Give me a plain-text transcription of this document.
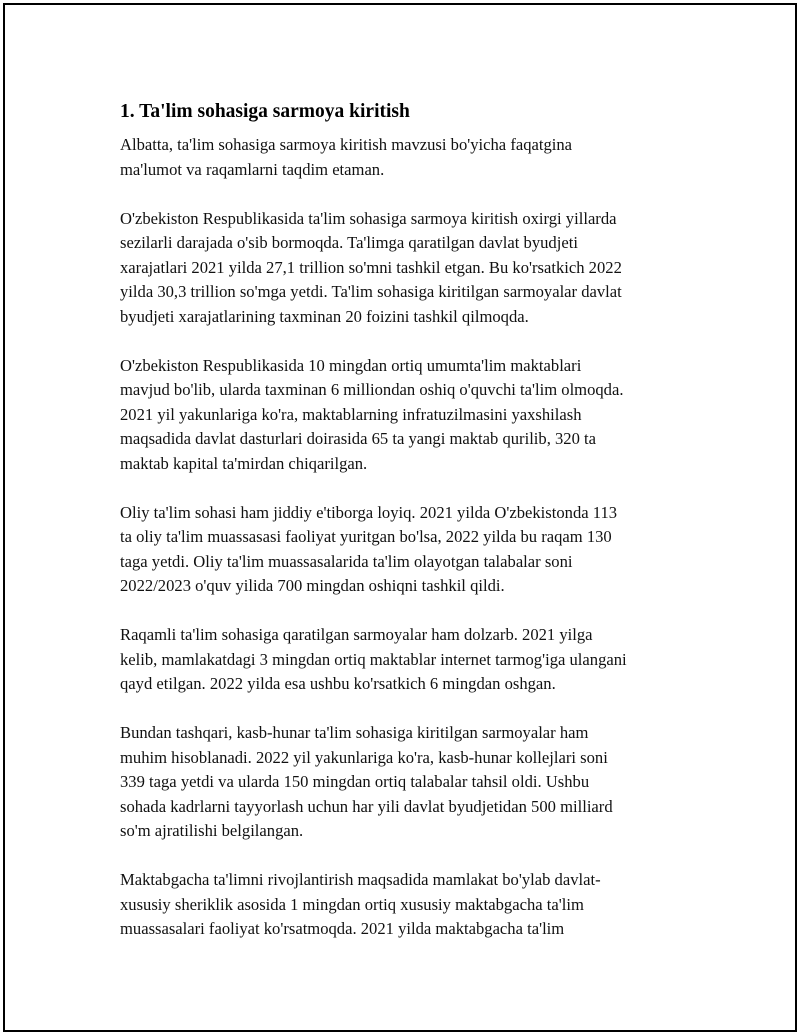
1. Ta'lim sohasiga sarmoya kiritish
Albatta, ta'lim sohasiga sarmoya kiritish mavzusi bo'yicha faqatgina
ma'lumot va raqamlarni taqdim etaman.
O'zbekiston Respublikasida ta'lim sohasiga sarmoya kiritish oxirgi yillarda
sezilarli darajada o'sib bormoqda. Ta'limga qaratilgan davlat byudjeti
xarajatlari 2021 yilda 27,1 trillion so'mni tashkil etgan. Bu ko'rsatkich 2022
yilda 30,3 trillion so'mga yetdi. Ta'lim sohasiga kiritilgan sarmoyalar davlat
byudjeti xarajatlarining taxminan 20 foizini tashkil qilmoqda.
O'zbekiston Respublikasida 10 mingdan ortiq umumta'lim maktablari
mavjud bo'lib, ularda taxminan 6 milliondan oshiq o'quvchi ta'lim olmoqda.
2021 yil yakunlariga ko'ra, maktablarning infratuzilmasini yaxshilash
maqsadida davlat dasturlari doirasida 65 ta yangi maktab qurilib, 320 ta
maktab kapital ta'mirdan chiqarilgan.
Oliy ta'lim sohasi ham jiddiy e'tiborga loyiq. 2021 yilda O'zbekistonda 113
ta oliy ta'lim muassasasi faoliyat yuritgan bo'lsa, 2022 yilda bu raqam 130
taga yetdi. Oliy ta'lim muassasalarida ta'lim olayotgan talabalar soni
2022/2023 o'quv yilida 700 mingdan oshiqni tashkil qildi.
Raqamli ta'lim sohasiga qaratilgan sarmoyalar ham dolzarb. 2021 yilga
kelib, mamlakatdagi 3 mingdan ortiq maktablar internet tarmog'iga ulangani
qayd etilgan. 2022 yilda esa ushbu ko'rsatkich 6 mingdan oshgan.
Bundan tashqari, kasb-hunar ta'lim sohasiga kiritilgan sarmoyalar ham
muhim hisoblanadi. 2022 yil yakunlariga ko'ra, kasb-hunar kollejlari soni
339 taga yetdi va ularda 150 mingdan ortiq talabalar tahsil oldi. Ushbu
sohada kadrlarni tayyorlash uchun har yili davlat byudjetidan 500 milliard
so'm ajratilishi belgilangan.
Maktabgacha ta'limni rivojlantirish maqsadida mamlakat bo'ylab davlat-
xususiy sheriklik asosida 1 mingdan ortiq xususiy maktabgacha ta'lim
muassasalari faoliyat ko'rsatmoqda. 2021 yilda maktabgacha ta'lim
